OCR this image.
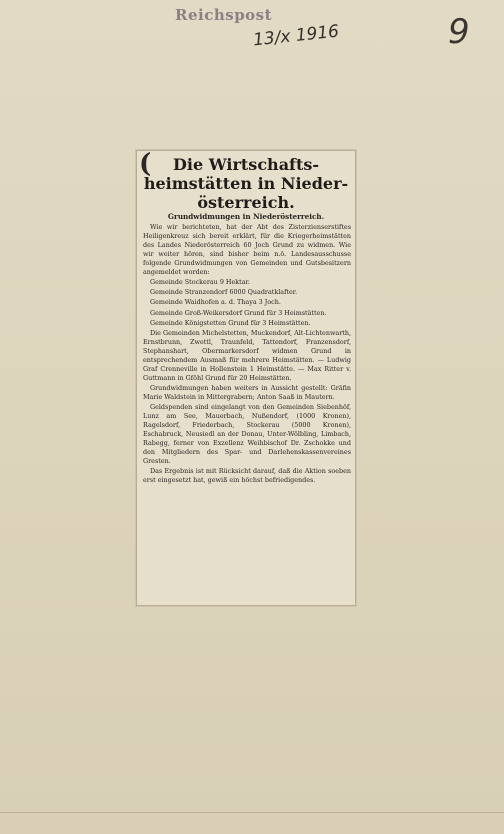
Reichspost
13/x 1916	9
(	Die Wirtschafts- heimstätten in Nieder- österreich.
Grundwidmungen in Niederösterreich.

Wie wir berichteten, hat der Abt des Zisterzienserstiftes Heiligenkreuz sich bereit erklärt, für die Kriegerheimstätten des Landes Niederösterreich 60 Joch Grund zu widmen. Wie wir weiter hören, sind bisher beim n.ö. Landesausschusse folgende Grundwidmungen von Gemeinden und Gutsbesitzern angemeldet worden:

Gemeinde Stockerau 9 Hektar.

Gemeinde Stranzendorf 6000 Quadratklafter.

Gemeinde Waidhofen a. d. Thaya 3 Joch.

Gemeinde Groß-Weikersdorf Grund für 3 Heimstätten.

Gemeinde Königstetten Grund für 3 Heimstätten.

Die Gemeinden Michelstetten, Muckendorf, Alt-Lichtenwarth, Ernstbrunn, Zwettl, Traunfeld, Tattendorf, Franzensdorf, Stephanshart, Obermarkersdorf widmen Grund in entsprechendem Ausmaß für mehrere Heimstätten. — Ludwig Graf Crenneville in Hollenstein 1 Heimstätte. — Max Ritter v. Guttmann in Gföhl Grund für 20 Heimstätten.

Grundwidmungen haben weiters in Aussicht gestellt: Gräfin Marie Waldstein in Mittergrabern; Anton Saaß in Mautern.

Geldspenden sind eingelangt von den Gemeinden Siebenhöf, Lunz am See, Mauerbach, Nußendorf, (1000 Kronen), Ragelsdorf, Friederbach, Stockerau (5000 Kronen), Eschabruck, Neusiedl an der Donau, Unter-Wölbling, Limbach, Rabegg, ferner von Exzellenz Weihbischof Dr. Zschokke und den Mitgliedern des Spar- und Darlehenskassenvereines Gresten.

Das Ergebnis ist mit Rücksicht darauf, daß die Aktion soeben erst eingesetzt hat, gewiß ein höchst befriedigendes.
